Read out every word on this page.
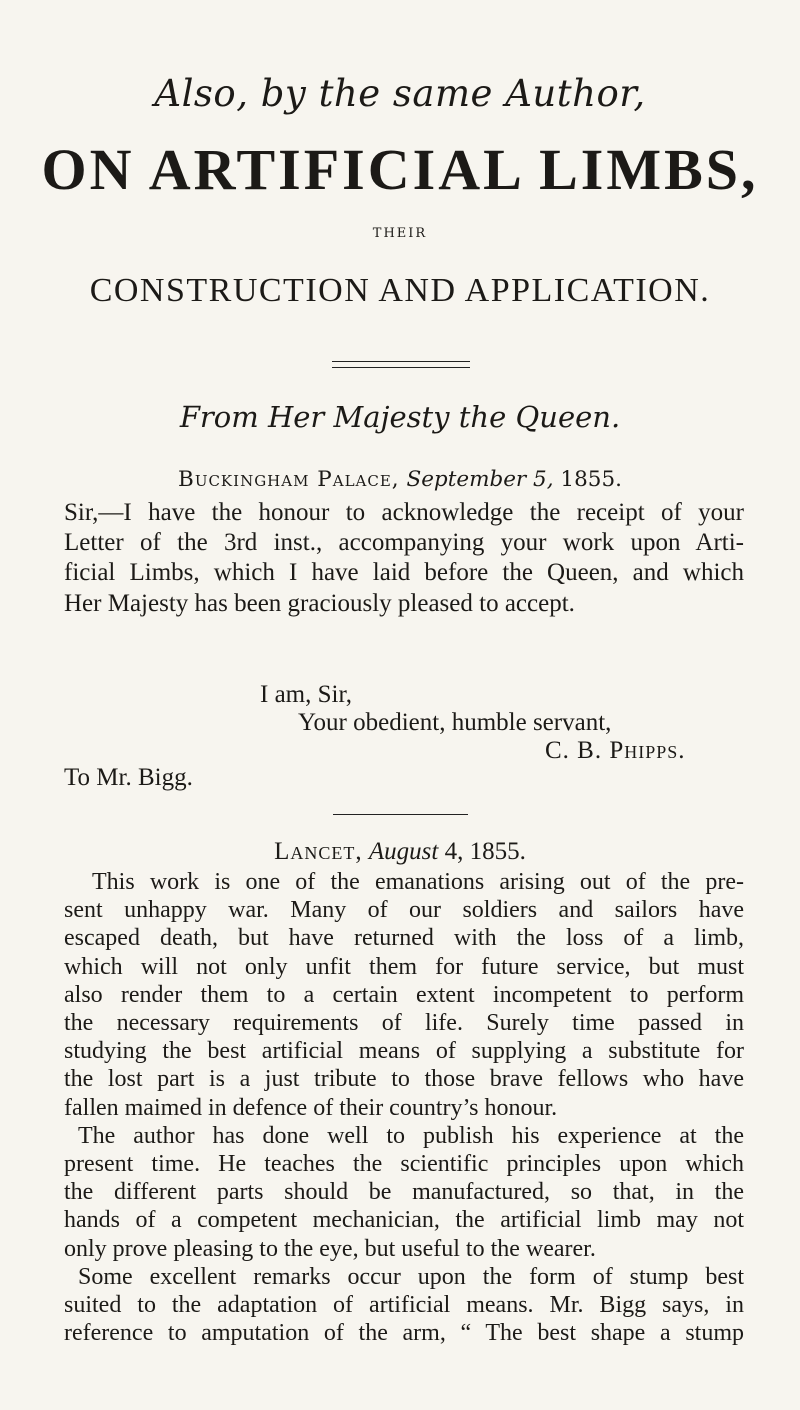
Also, by the same Author,
ON ARTIFICIAL LIMBS,
THEIR
CONSTRUCTION AND APPLICATION.
From Her Majesty the Queen.
Buckingham Palace, September 5, 1855.
Sir,—I have the honour to acknowledge the receipt of your
Letter of the 3rd inst., accompanying your work upon Arti-
ficial Limbs, which I have laid before the Queen, and which
Her Majesty has been graciously pleased to accept.
I am, Sir,
Your obedient, humble servant,
C. B. Phipps.
To Mr. Bigg.
Lancet, August 4, 1855.
This work is one of the emanations arising out of the pre-
sent unhappy war. Many of our soldiers and sailors have
escaped death, but have returned with the loss of a limb,
which will not only unfit them for future service, but must
also render them to a certain extent incompetent to perform
the necessary requirements of life. Surely time passed in
studying the best artificial means of supplying a substitute for
the lost part is a just tribute to those brave fellows who have
fallen maimed in defence of their country’s honour.
The author has done well to publish his experience at the
present time. He teaches the scientific principles upon which
the different parts should be manufactured, so that, in the
hands of a competent mechanician, the artificial limb may not
only prove pleasing to the eye, but useful to the wearer.
Some excellent remarks occur upon the form of stump best
suited to the adaptation of artificial means. Mr. Bigg says, in
reference to amputation of the arm, “ The best shape a stump
